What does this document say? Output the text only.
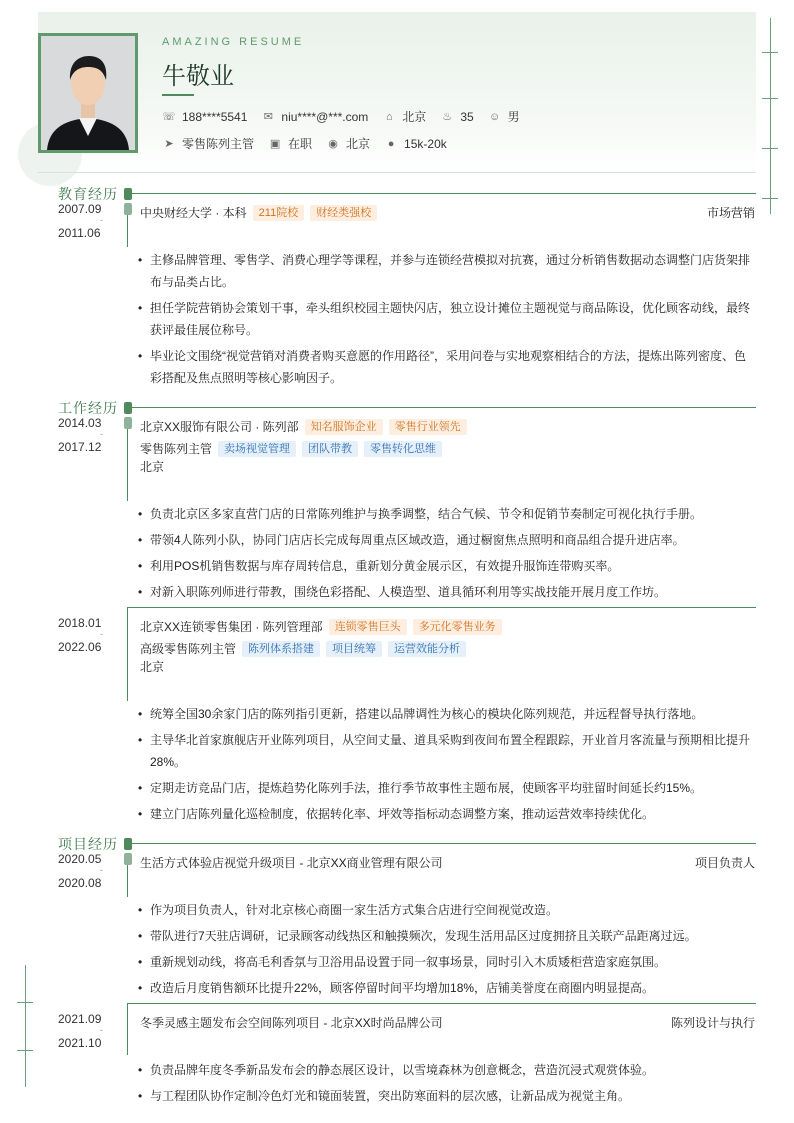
AMAZING RESUME
牛敬业
☏ 188****5541 ✉ niu****@***.com	⌂ 北京 ♨ 35 ☺ 男
➤ 零售陈列主管 ▣ 在职 ◉ 北京	● 15k-20k
教育经历
2007.09
-
2011.06
中央财经大学 · 本科	211院校	财经类强校	市场营销
• 主修品牌管理、零售学、消费心理学等课程，并参与连锁经营模拟对抗赛，通过分析销售数据动态调整门店货架排布与品类占比。
• 担任学院营销协会策划干事，牵头组织校园主题快闪店，独立设计摊位主题视觉与商品陈设，优化顾客动线，最终获评最佳展位称号。
• 毕业论文围绕“视觉营销对消费者购买意愿的作用路径”，采用问卷与实地观察相结合的方法，提炼出陈列密度、色彩搭配及焦点照明等核心影响因子。
工作经历
2014.03
-
2017.12
北京XX服饰有限公司 · 陈列部	知名服饰企业	零售行业领先
零售陈列主管	卖场视觉管理	团队带教	零售转化思维
北京
• 负责北京区多家直营门店的日常陈列维护与换季调整，结合气候、节令和促销节奏制定可视化执行手册。
• 带领4人陈列小队，协同门店店长完成每周重点区域改造，通过橱窗焦点照明和商品组合提升进店率。
• 利用POS机销售数据与库存周转信息，重新划分黄金展示区，有效提升服饰连带购买率。
• 对新入职陈列师进行带教，围绕色彩搭配、人模造型、道具循环利用等实战技能开展月度工作坊。
2018.01
-
2022.06
北京XX连锁零售集团 · 陈列管理部	连锁零售巨头	多元化零售业务
高级零售陈列主管	陈列体系搭建	项目统筹	运营效能分析
北京
• 统筹全国30余家门店的陈列指引更新，搭建以品牌调性为核心的模块化陈列规范，并远程督导执行落地。
• 主导华北首家旗舰店开业陈列项目，从空间丈量、道具采购到夜间布置全程跟踪，开业首月客流量与预期相比提升28%。
• 定期走访竞品门店，提炼趋势化陈列手法，推行季节故事性主题布展，使顾客平均驻留时间延长约15%。
• 建立门店陈列量化巡检制度，依据转化率、坪效等指标动态调整方案，推动运营效率持续优化。
项目经历
2020.05
-
2020.08
生活方式体验店视觉升级项目 - 北京XX商业管理有限公司	项目负责人
• 作为项目负责人，针对北京核心商圈一家生活方式集合店进行空间视觉改造。
• 带队进行7天驻店调研，记录顾客动线热区和触摸频次，发现生活用品区过度拥挤且关联产品距离过远。
• 重新规划动线，将高毛利香氛与卫浴用品设置于同一叙事场景，同时引入木质矮柜营造家庭氛围。
• 改造后月度销售额环比提升22%，顾客停留时间平均增加18%，店铺美誉度在商圈内明显提高。
2021.09
-
2021.10
冬季灵感主题发布会空间陈列项目 - 北京XX时尚品牌公司	陈列设计与执行
• 负责品牌年度冬季新品发布会的静态展区设计，以雪境森林为创意概念，营造沉浸式观赏体验。
• 与工程团队协作定制冷色灯光和镜面装置，突出防寒面料的层次感，让新品成为视觉主角。
